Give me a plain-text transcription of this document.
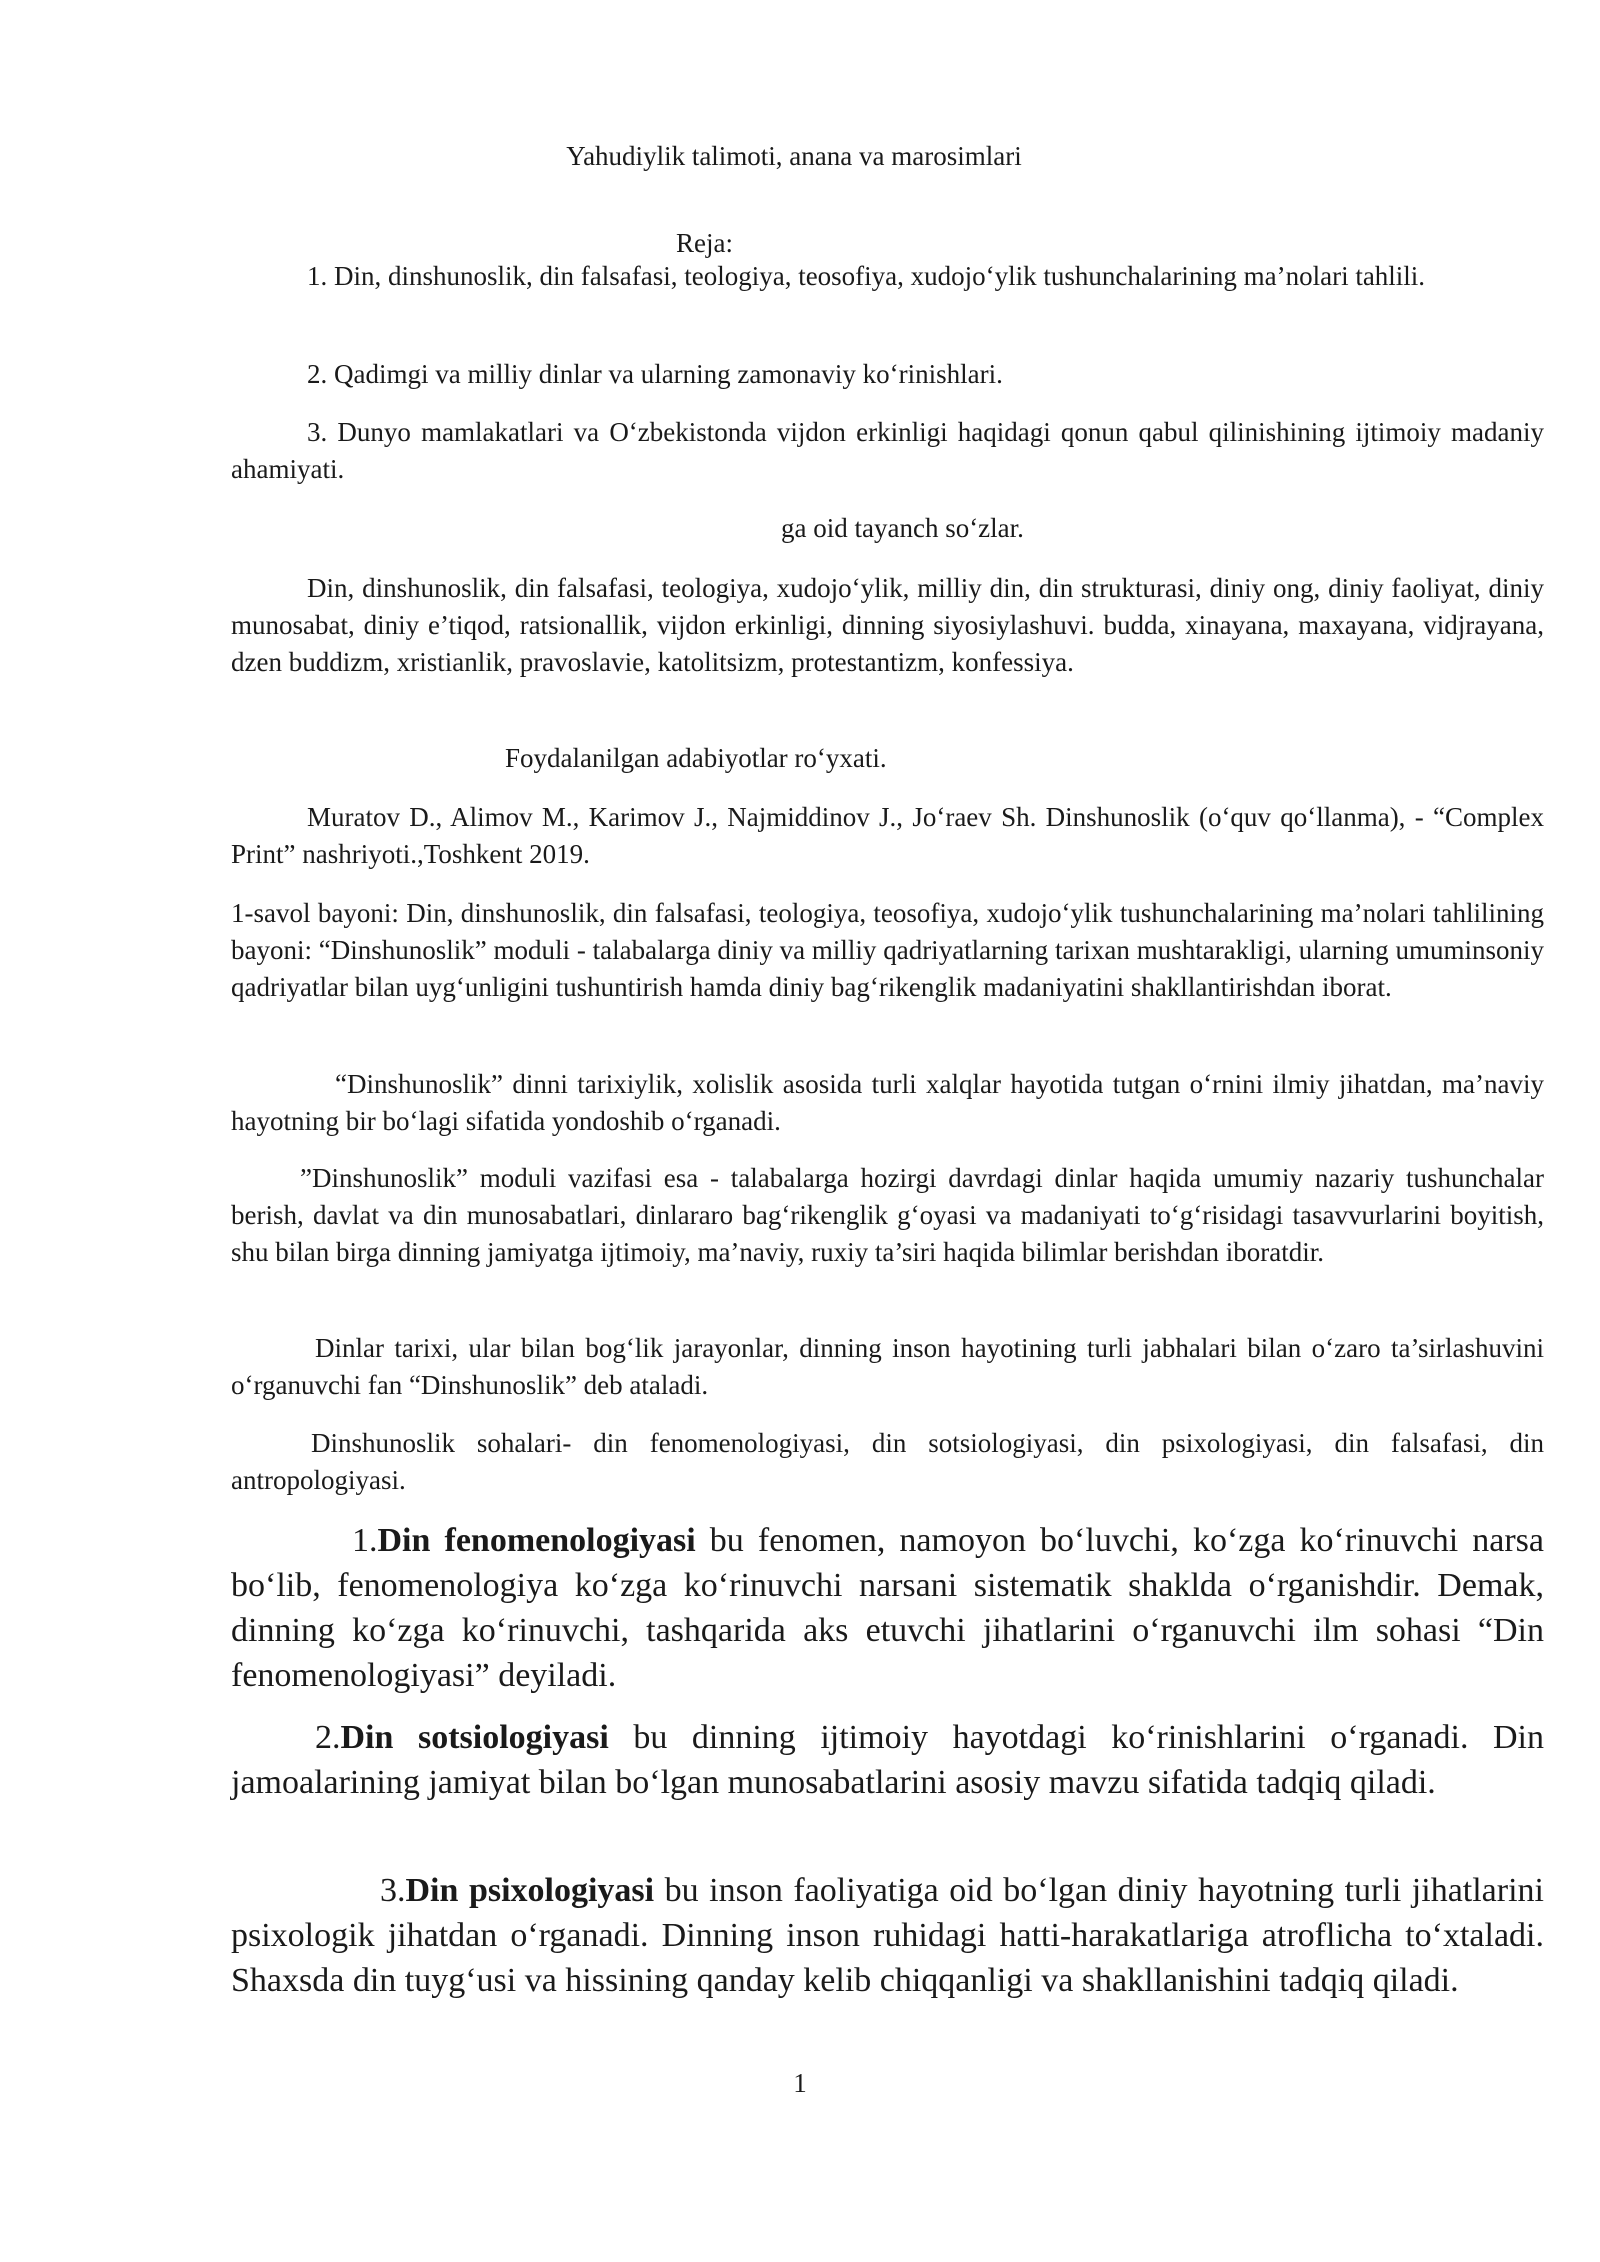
Yahudiylik talimoti, anana va marosimlari

Reja:

1. Din, dinshunoslik, din falsafasi, teologiya, teosofiya, xudojo‘ylik tushunchalarining ma’nolari tahlili.

2. Qadimgi va milliy dinlar va ularning zamonaviy ko‘rinishlari.

3. Dunyo mamlakatlari va O‘zbekistonda vijdon erkinligi haqidagi qonun qabul qilinishining ijtimoiy madaniy ahamiyati.

ga oid tayanch so‘zlar.

Din, dinshunoslik, din falsafasi, teologiya, xudojo‘ylik, milliy din, din strukturasi, diniy ong, diniy faoliyat, diniy munosabat, diniy e’tiqod, ratsionallik, vijdon erkinligi, dinning siyosiylashuvi. budda, xinayana, maxayana, vidjrayana, dzen buddizm, xristianlik, pravoslavie, katolitsizm, protestantizm, konfessiya.

Foydalanilgan adabiyotlar ro‘yxati.

Muratov D., Alimov M., Karimov J., Najmiddinov J., Jo‘raev Sh. Dinshunoslik (o‘quv qo‘llanma), - “Complex Print” nashriyoti.,Toshkent 2019.

1-savol bayoni: Din, dinshunoslik, din falsafasi, teologiya, teosofiya, xudojo‘ylik tushunchalarining ma’nolari tahlilining bayoni: “Dinshunoslik” moduli - talabalarga diniy va milliy qadriyatlarning tarixan mushtarakligi, ularning umuminsoniy qadriyatlar bilan uyg‘unligini tushuntirish hamda diniy bag‘rikenglik madaniyatini shakllantirishdan iborat.

“Dinshunoslik” dinni tarixiylik, xolislik asosida turli xalqlar hayotida tutgan o‘rnini ilmiy jihatdan, ma’naviy hayotning bir bo‘lagi sifatida yondoshib o‘rganadi.

”Dinshunoslik” moduli vazifasi esa - talabalarga hozirgi davrdagi dinlar haqida umumiy nazariy tushunchalar berish, davlat va din munosabatlari, dinlararo bag‘rikenglik g‘oyasi va madaniyati to‘g‘risidagi tasavvurlarini boyitish, shu bilan birga dinning jamiyatga ijtimoiy, ma’naviy, ruxiy ta’siri haqida bilimlar berishdan iboratdir.

Dinlar tarixi, ular bilan bog‘lik jarayonlar, dinning inson hayotining turli jabhalari bilan o‘zaro ta’sirlashuvini o‘rganuvchi fan “Dinshunoslik” deb ataladi.

Dinshunoslik sohalari- din fenomenologiyasi, din sotsiologiyasi, din psixologiyasi, din falsafasi, din antropologiyasi.

1.Din fenomenologiyasi bu fenomen, namoyon bo‘luvchi, ko‘zga ko‘rinuvchi narsa bo‘lib, fenomenologiya ko‘zga ko‘rinuvchi narsani sistematik shaklda o‘rganishdir. Demak, dinning ko‘zga ko‘rinuvchi, tashqarida aks etuvchi jihatlarini o‘rganuvchi ilm sohasi “Din fenomenologiyasi” deyiladi.

2.Din sotsiologiyasi bu dinning ijtimoiy hayotdagi ko‘rinishlarini o‘rganadi. Din jamoalarining jamiyat bilan bo‘lgan munosabatlarini asosiy mavzu sifatida tadqiq qiladi.

3.Din psixologiyasi bu inson faoliyatiga oid bo‘lgan diniy hayotning turli jihatlarini psixologik jihatdan o‘rganadi. Dinning inson ruhidagi hatti-harakatlariga atroflicha to‘xtaladi. Shaxsda din tuyg‘usi va hissining qanday kelib chiqqanligi va shakllanishini tadqiq qiladi.

1
